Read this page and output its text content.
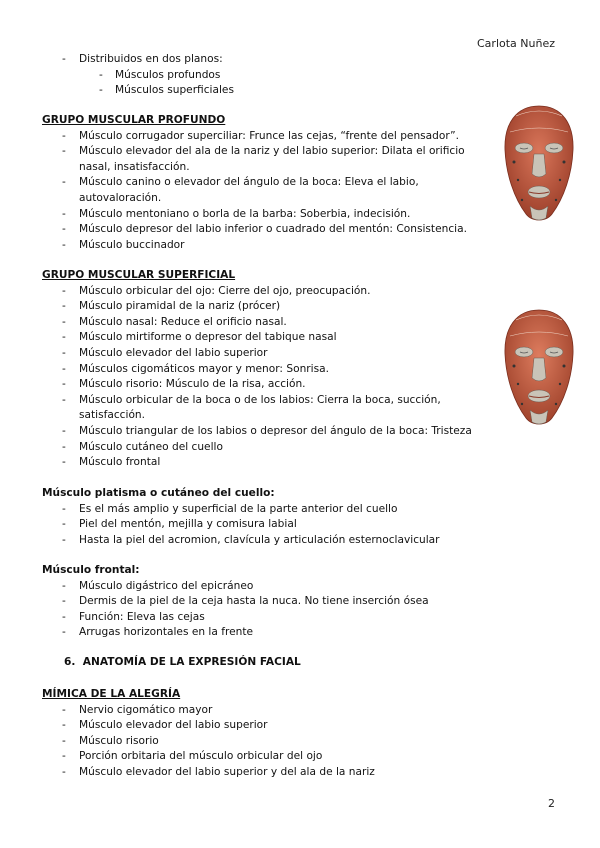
Carlota Nuñez
- Distribuidos en dos planos:
- Músculos profundos
- Músculos superficiales
GRUPO MUSCULAR PROFUNDO
- Músculo corrugador superciliar: Frunce las cejas, “frente del pensador”.
- Músculo elevador del ala de la nariz y del labio superior: Dilata el orificio nasal, insatisfacción.
- Músculo canino o elevador del ángulo de la boca: Eleva el labio, autovaloración.
- Músculo mentoniano o borla de la barba: Soberbia, indecisión.
- Músculo depresor del labio inferior o cuadrado del mentón: Consistencia.
- Músculo buccinador
GRUPO MUSCULAR SUPERFICIAL
- Músculo orbicular del ojo: Cierre del ojo, preocupación.
- Músculo piramidal de la nariz (prócer)
- Músculo nasal: Reduce el orificio nasal.
- Músculo mirtiforme o depresor del tabique nasal
- Músculo elevador del labio superior
- Músculos cigomáticos mayor y menor: Sonrisa.
- Músculo risorio: Músculo de la risa, acción.
- Músculo orbicular de la boca o de los labios: Cierra la boca, succión, satisfacción.
- Músculo triangular de los labios o depresor del ángulo de la boca: Tristeza
- Músculo cutáneo del cuello
- Músculo frontal
Músculo platisma o cutáneo del cuello:
- Es el más amplio y superficial de la parte anterior del cuello
- Piel del mentón, mejilla y comisura labial
- Hasta la piel del acromion, clavícula y articulación esternoclavicular
Músculo frontal:
- Músculo digástrico del epicráneo
- Dermis de la piel de la ceja hasta la nuca. No tiene inserción ósea
- Función: Eleva las cejas
- Arrugas horizontales en la frente
6. ANATOMÍA DE LA EXPRESIÓN FACIAL
MÍMICA DE LA ALEGRÍA
- Nervio cigomático mayor
- Músculo elevador del labio superior
- Músculo risorio
- Porción orbitaria del músculo orbicular del ojo
- Músculo elevador del labio superior y del ala de la nariz
2
